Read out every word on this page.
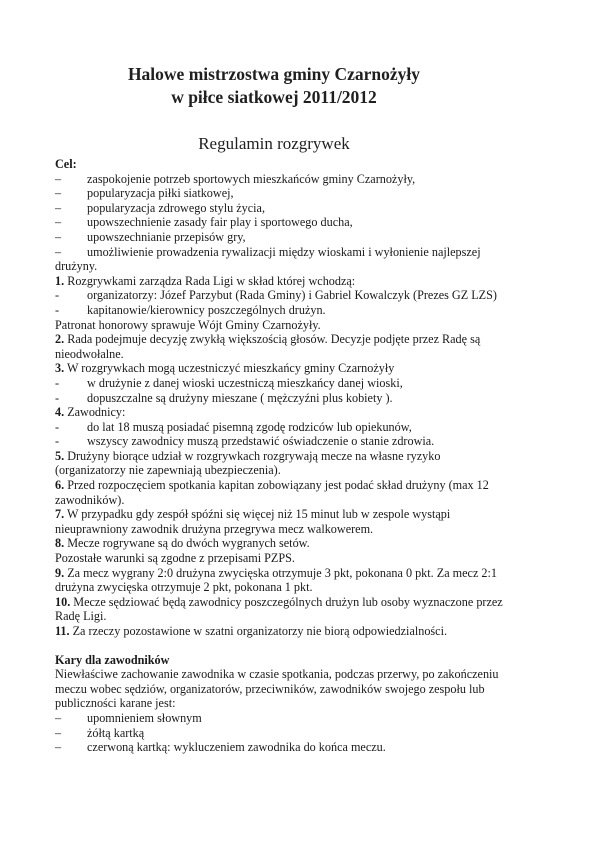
Halowe mistrzostwa gminy Czarnożyły
w piłce siatkowej 2011/2012
Regulamin rozgrywek
Cel:
–	zaspokojenie potrzeb sportowych mieszkańców gminy Czarnożyły,
–	popularyzacja piłki siatkowej,
–	popularyzacja zdrowego stylu życia,
–	upowszechnienie zasady fair play i sportowego ducha,
–	upowszechnianie przepisów gry,
–	umożliwienie prowadzenia rywalizacji między wioskami i wyłonienie najlepszej
drużyny.
1. Rozgrywkami zarządza Rada Ligi w skład której wchodzą:
-	organizatorzy: Józef Parzybut (Rada Gminy) i Gabriel Kowalczyk (Prezes GZ LZS)
-	kapitanowie/kierownicy poszczególnych drużyn.
Patronat honorowy sprawuje Wójt Gminy Czarnożyły.
2. Rada podejmuje decyzję zwykłą większością głosów. Decyzje podjęte przez Radę są
nieodwołalne.
3. W rozgrywkach mogą uczestniczyć mieszkańcy gminy Czarnożyły
-	w drużynie z danej wioski uczestniczą mieszkańcy danej wioski,
-	dopuszczalne są drużyny mieszane ( mężczyźni plus kobiety ).
4. Zawodnicy:
-	do lat 18 muszą posiadać pisemną zgodę rodziców lub opiekunów,
-	wszyscy zawodnicy muszą przedstawić oświadczenie o stanie zdrowia.
5. Drużyny biorące udział w rozgrywkach rozgrywają mecze na własne ryzyko
(organizatorzy nie zapewniają ubezpieczenia).
6. Przed rozpoczęciem spotkania kapitan zobowiązany jest podać skład drużyny (max 12
zawodników).
7. W przypadku gdy zespół spóźni się więcej niż 15 minut lub w zespole wystąpi
nieuprawniony zawodnik drużyna przegrywa mecz walkowerem.
8. Mecze rogrywane są do dwóch wygranych setów.
Pozostałe warunki są zgodne z przepisami PZPS.
9. Za mecz wygrany 2:0 drużyna zwycięska otrzymuje 3 pkt, pokonana 0 pkt. Za mecz 2:1
drużyna zwycięska otrzymuje 2 pkt, pokonana 1 pkt.
10. Mecze sędziować będą zawodnicy poszczególnych drużyn lub osoby wyznaczone przez
Radę Ligi.
11. Za rzeczy pozostawione w szatni organizatorzy nie biorą odpowiedzialności.
Kary dla zawodników
Niewłaściwe zachowanie zawodnika w czasie spotkania, podczas przerwy, po zakończeniu
meczu wobec sędziów, organizatorów, przeciwników, zawodników swojego zespołu lub
publiczności karane jest:
–	upomnieniem słownym
–	żółtą kartką
–	czerwoną kartką: wykluczeniem zawodnika do końca meczu.
